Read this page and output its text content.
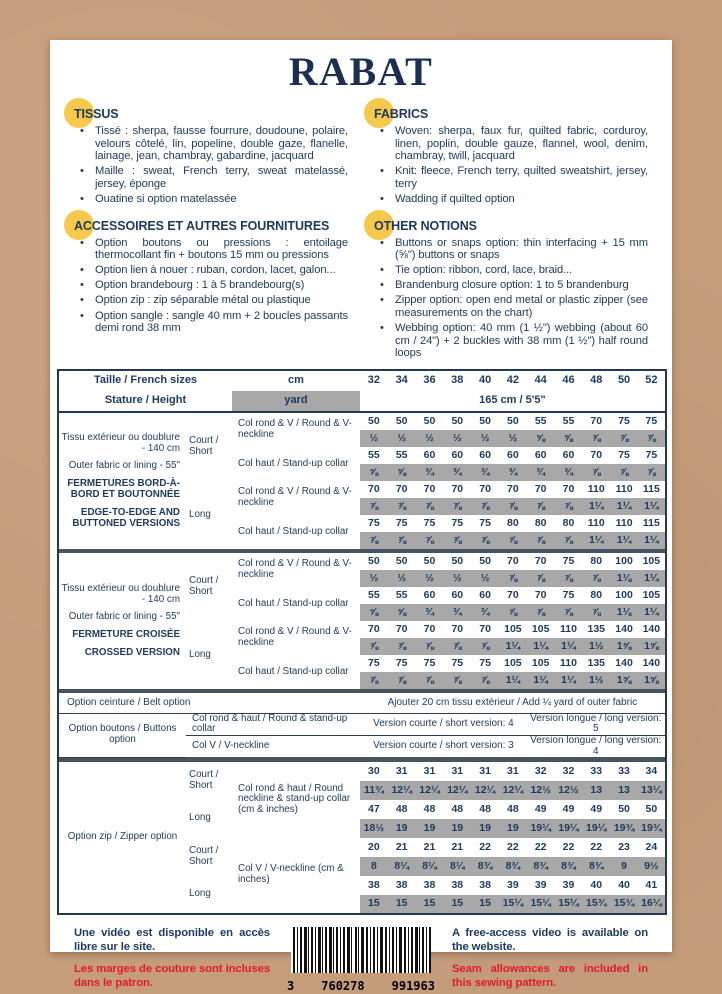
RABAT
TISSUS
• Tissé : sherpa, fausse fourrure, doudoune, polaire, velours côtelé, lin, popeline, double gaze, flanelle, lainage, jean, chambray, gabardine, jacquard
• Maille : sweat, French terry, sweat matelassé, jersey, éponge
• Ouatine si option matelassée
ACCESSOIRES ET AUTRES FOURNITURES
• Option boutons ou pressions : entoilage thermocollant fin + boutons 15 mm ou pressions
• Option lien à nouer : ruban, cordon, lacet, galon...
• Option brandebourg : 1 à 5 brandebourg(s)
• Option zip : zip séparable métal ou plastique
• Option sangle : sangle 40 mm + 2 boucles passants demi rond 38 mm
FABRICS
• Woven: sherpa, faux fur, quilted fabric, corduroy, linen, poplin, double gauze, flannel, wool, denim, chambray, twill, jacquard
• Knit: fleece, French terry, quilted sweatshirt, jersey, terry
• Wadding if quilted option
OTHER NOTIONS
• Buttons or snaps option: thin interfacing + 15 mm (⅝") buttons or snaps
• Tie option: ribbon, cord, lace, braid...
• Brandenburg closure option: 1 to 5 brandenburg
• Zipper option: open end metal or plastic zipper (see measurements on the chart)
• Webbing option: 40 mm (1 ½") webbing (about 60 cm / 24") + 2 buckles with 38 mm (1 ½") half round loops
Taille / French sizes		cm	32	34	36	38	40	42	44	46	48	50	52
Stature / Height		yard	165 cm / 5'5"										

Tissu extérieur ou doublure - 140 cm
Outer fabric or lining - 55"
FERMETURES BORD-À-BORD ET BOUTONNÉE
EDGE-TO-EDGE AND BUTTONED VERSIONS	Court / Short	Col rond & V / Round & V-neckline	50	50	50	50	50	50	55	55	70	75	75
			½	½	½	½	½	½	⅝	⅝	⅞	⅞	⅞
		Col haut / Stand-up collar	55	55	60	60	60	60	60	60	70	75	75
			⅝	⅝	¾	¾	¾	¾	¾	¾	⅞	⅞	⅞
	Long	Col rond & V / Round & V-neckline	70	70	70	70	70	70	70	70	110	110	115
			⅞	⅞	⅞	⅞	⅞	⅞	⅞	⅞	1¼	1¼	1¼
		Col haut / Stand-up collar	75	75	75	75	75	80	80	80	110	110	115
			⅞	⅞	⅞	⅞	⅞	⅞	⅞	⅞	1¼	1¼	1¼

Tissu extérieur ou doublure - 140 cm
Outer fabric or lining - 55"
FERMETURE CROISÉE
CROSSED VERSION	Court / Short	Col rond & V / Round & V-neckline	50	50	50	50	50	70	70	75	80	100	105
			½	½	½	½	½	⅞	⅞	⅞	⅞	1⅛	1¼
		Col haut / Stand-up collar	55	55	60	60	60	70	70	75	80	100	105
			⅝	⅝	¾	¾	¾	⅞	⅞	⅞	⅞	1⅛	1¼
	Long	Col rond & V / Round & V-neckline	70	70	70	70	70	105	105	110	135	140	140
			⅞	⅞	⅞	⅞	⅞	1¼	1¼	1¼	1½	1⅝	1⅝
		Col haut / Stand-up collar	75	75	75	75	75	105	105	110	135	140	140
			⅞	⅞	⅞	⅞	⅞	1¼	1¼	1¼	1½	1⅝	1⅝

Option ceinture / Belt option			Ajouter 20 cm tissu extérieur / Add ¼ yard of outer fabric										
Option boutons / Buttons option	Col rond & haut / Round & stand-up collar		Version courte / short version: 4						Version longue / long version: 5				
	Col V / V-neckline		Version courte / short version: 3						Version longue / long version: 4				

Option zip / Zipper option	Court / Short	Col rond & haut / Round neckline & stand-up collar (cm & inches)	30	31	31	31	31	31	32	32	33	33	34
			11¾	12¼	12¼	12¼	12¼	12¼	12½	12½	13	13	13¼
	Long		47	48	48	48	48	48	49	49	49	50	50
			18½	19	19	19	19	19	19¼	19¼	19¼	19¾	19¾
	Court / Short	Col V / V-neckline (cm & inches)	20	21	21	21	22	22	22	22	22	23	24
			8	8¼	8¼	8¼	8¾	8¾	8¾	8¾	8¾	9	9½
	Long		38	38	38	38	38	39	39	39	40	40	41
			15	15	15	15	15	15¼	15¼	15¼	15¾	15¾	16¼

Une vidéo est disponible en accès libre sur le site.

Les marges de couture sont incluses dans le patron.	3 760278 991963

A free-access video is available on the website.

Seam allowances are included in this sewing pattern.
